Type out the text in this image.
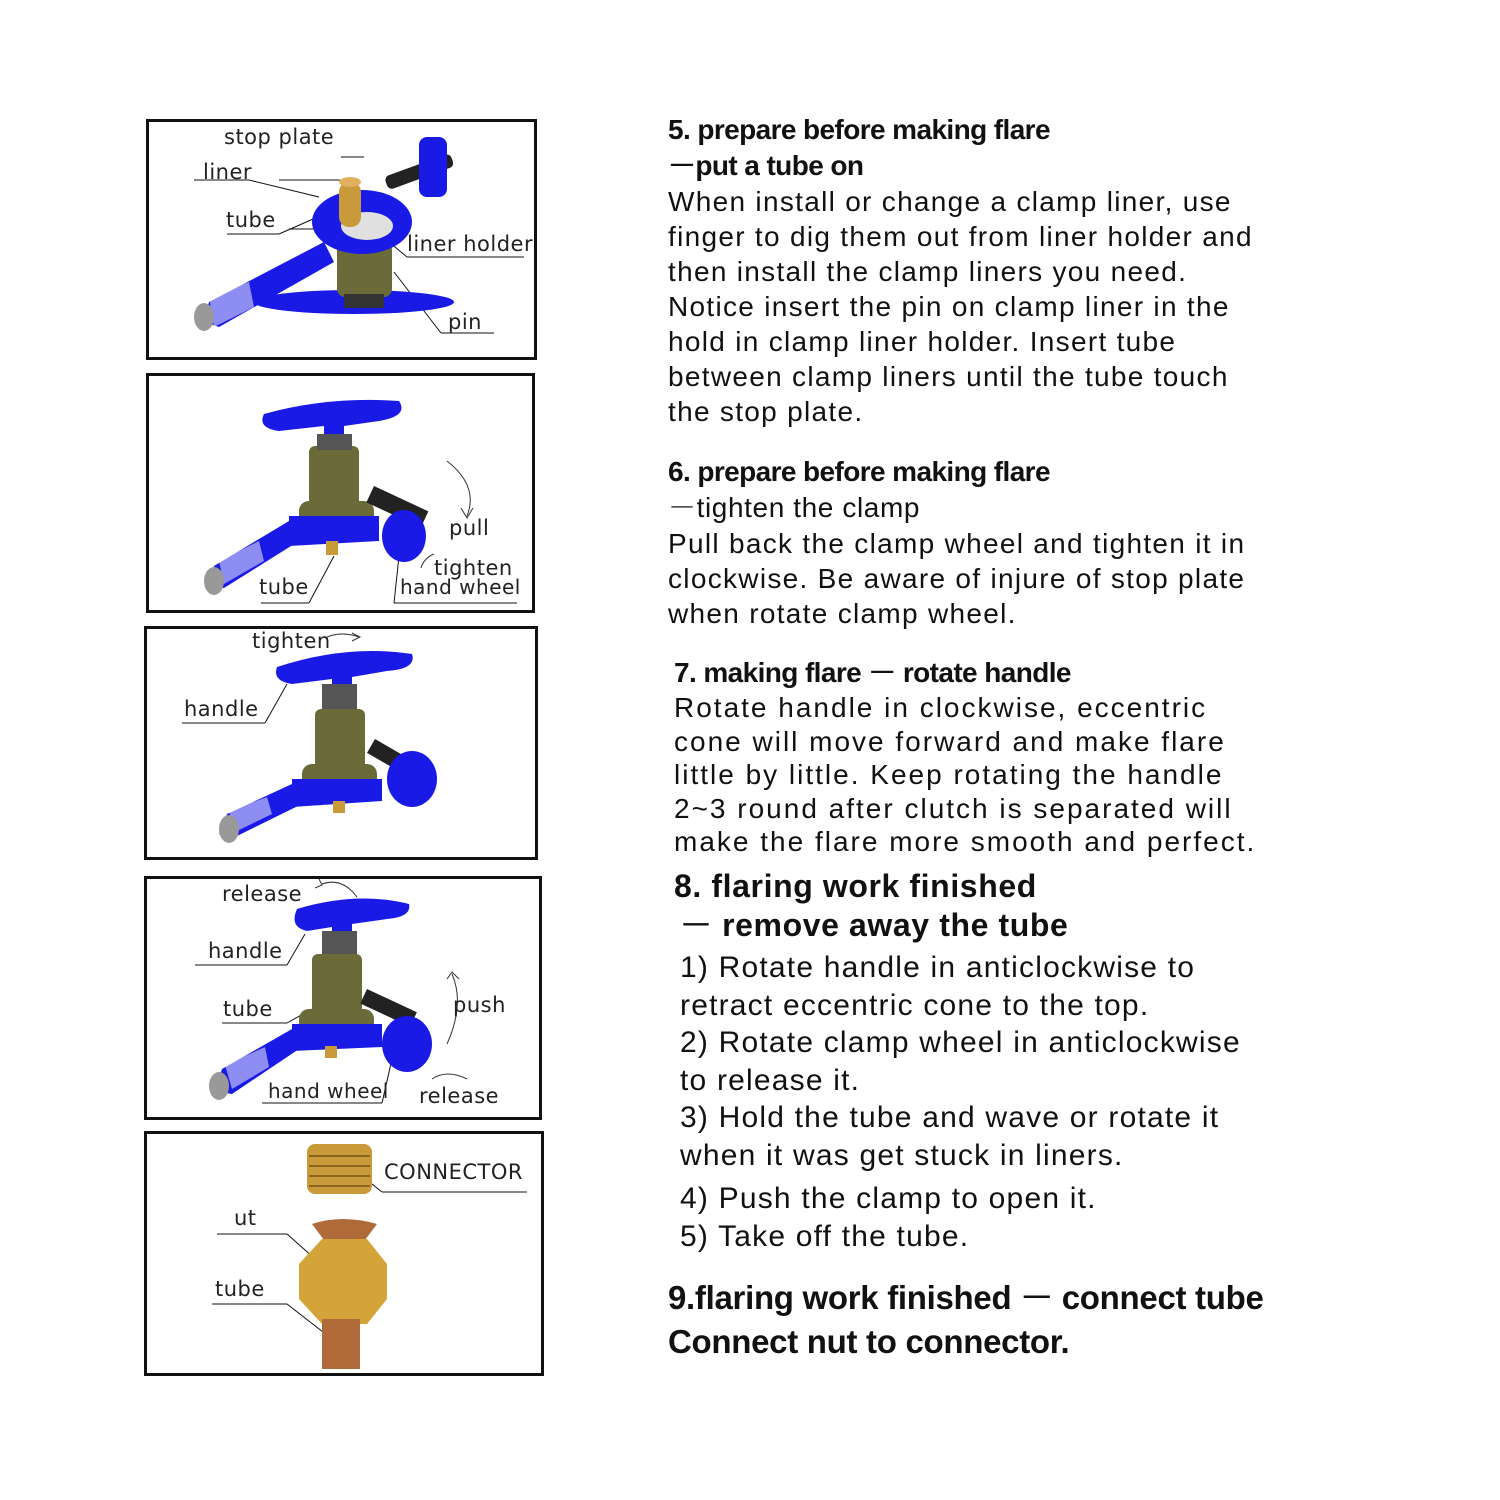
stop plate
liner
tube
liner holder
pin
pull
tighten
tube	hand wheel
tighten
handle
release
handle
tube	push
hand wheel release
CONNECTOR
ut
tube
5. prepare before making flare
－put a tube on
When install or change a clamp liner, use
finger to dig them out from liner holder and
then install the clamp liners you need.
Notice insert the pin on clamp liner in the
hold in clamp liner holder. Insert tube
between clamp liners until the tube touch
the stop plate.
6. prepare before making flare
－tighten the clamp
Pull back the clamp wheel and tighten it in
clockwise. Be aware of injure of stop plate
when rotate clamp wheel.
7. making flare － rotate handle
Rotate handle in clockwise, eccentric
cone will move forward and make flare
little by little. Keep rotating the handle
2~3 round after clutch is separated will
make the flare more smooth and perfect.
8. flaring work finished
－ remove away the tube
1) Rotate handle in anticlockwise to
retract eccentric cone to the top.
2) Rotate clamp wheel in anticlockwise
to release it.
3) Hold the tube and wave or rotate it
when it was get stuck in liners.
4) Push the clamp to open it.
5) Take off the tube.
9.flaring work finished － connect tube
Connect nut to connector.
